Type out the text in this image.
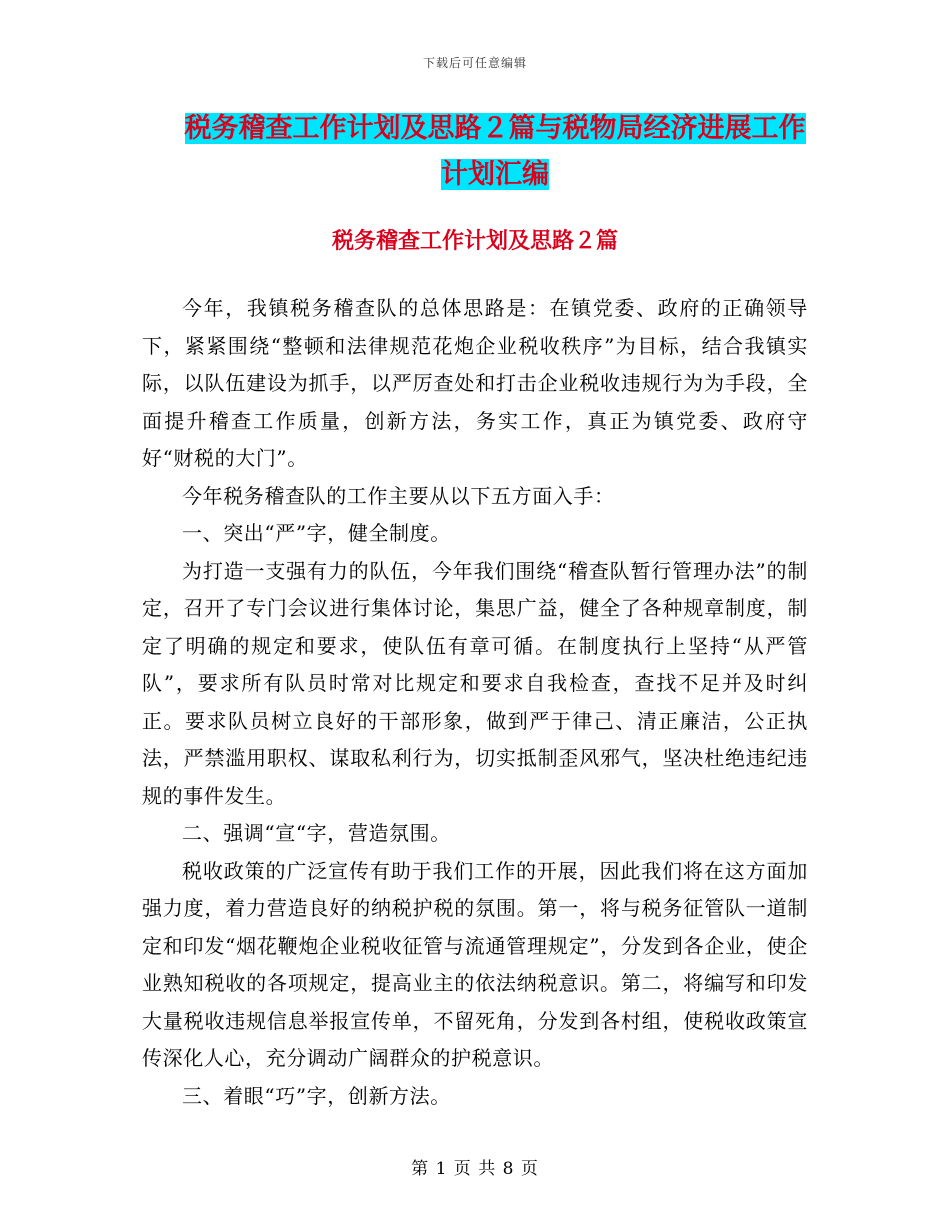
下载后可任意编辑
税务稽查工作计划及思路２篇与税物局经济进展工作
计划汇编
税务稽查工作计划及思路２篇

今年，我镇税务稽查队的总体思路是：在镇党委、政府的正确领导下，紧紧围绕“整顿和法律规范花炮企业税收秩序”为目标，结合我镇实际，以队伍建设为抓手，以严厉查处和打击企业税收违规行为为手段，全面提升稽查工作质量，创新方法，务实工作，真正为镇党委、政府守好“财税的大门”。

今年税务稽查队的工作主要从以下五方面入手：

一、突出“严”字，健全制度。

为打造一支强有力的队伍，今年我们围绕“稽查队暂行管理办法”的制定，召开了专门会议进行集体讨论，集思广益，健全了各种规章制度，制定了明确的规定和要求，使队伍有章可循。在制度执行上坚持“从严管队”，要求所有队员时常对比规定和要求自我检查，查找不足并及时纠正。要求队员树立良好的干部形象，做到严于律己、清正廉洁，公正执法，严禁滥用职权、谋取私利行为，切实抵制歪风邪气，坚决杜绝违纪违规的事件发生。

二、强调“宣“字，营造氛围。

税收政策的广泛宣传有助于我们工作的开展，因此我们将在这方面加强力度，着力营造良好的纳税护税的氛围。第一，将与税务征管队一道制定和印发“烟花鞭炮企业税收征管与流通管理规定”，分发到各企业，使企业熟知税收的各项规定，提高业主的依法纳税意识。第二，将编写和印发大量税收违规信息举报宣传单，不留死角，分发到各村组，使税收政策宣传深化人心，充分调动广阔群众的护税意识。

三、着眼“巧”字，创新方法。

第 1 页 共 8 页
